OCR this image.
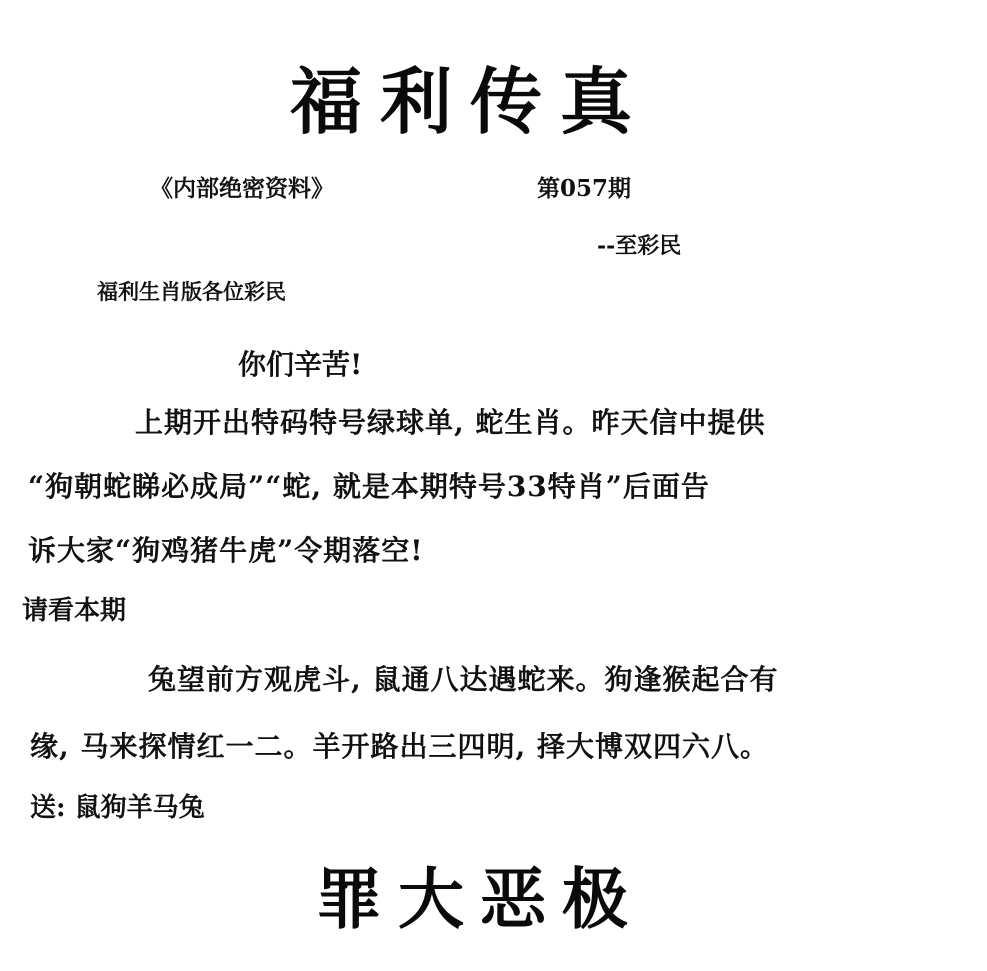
福利传真
《内部绝密资料》	第057期
--至彩民
福利生肖版各位彩民
你们辛苦!
上期开出特码特号绿球单, 蛇生肖。昨天信中提供
“狗朝蛇睇必成局”“蛇, 就是本期特号33特肖”后面告
诉大家“狗鸡猪牛虎”令期落空!
请看本期
兔望前方观虎斗, 鼠通八达遇蛇来。狗逢猴起合有
缘, 马来探情红一二。羊开路出三四明, 择大博双四六八。
送: 鼠狗羊马兔
罪大恶极
